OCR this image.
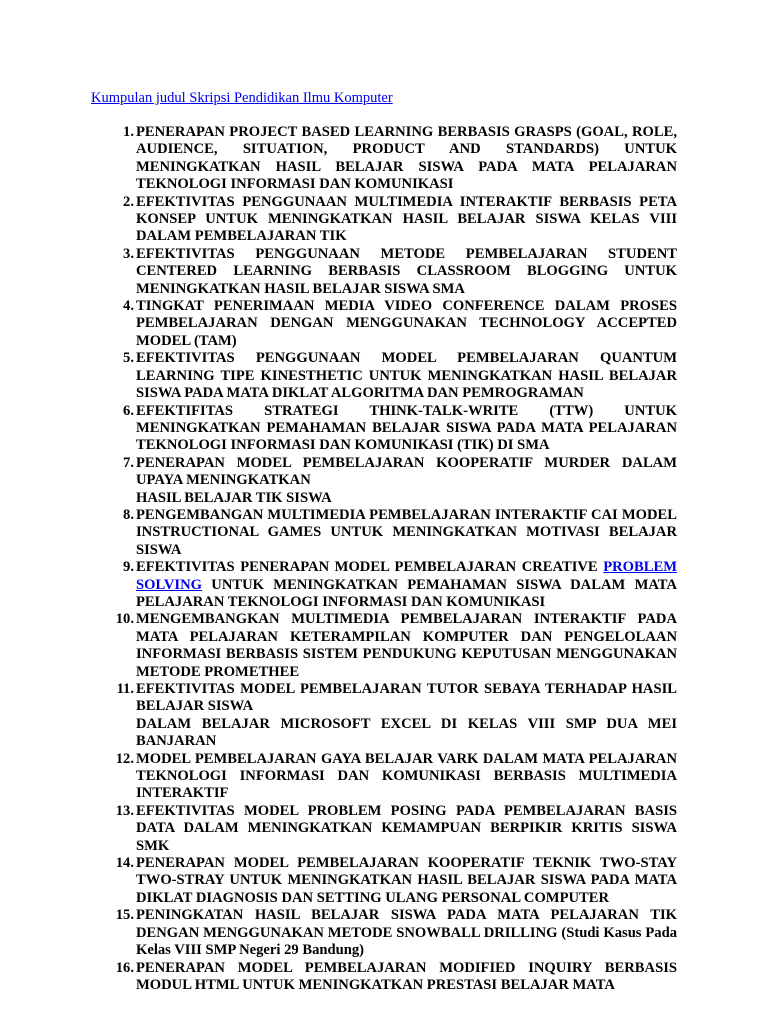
Kumpulan judul Skripsi Pendidikan Ilmu Komputer
1. PENERAPAN PROJECT BASED LEARNING BERBASIS GRASPS (GOAL, ROLE, AUDIENCE, SITUATION, PRODUCT AND STANDARDS) UNTUK MENINGKATKAN HASIL BELAJAR SISWA PADA MATA PELAJARAN TEKNOLOGI INFORMASI DAN KOMUNIKASI
2. EFEKTIVITAS PENGGUNAAN MULTIMEDIA INTERAKTIF BERBASIS PETA KONSEP UNTUK MENINGKATKAN HASIL BELAJAR SISWA KELAS VIII DALAM PEMBELAJARAN TIK
3. EFEKTIVITAS PENGGUNAAN METODE PEMBELAJARAN STUDENT CENTERED LEARNING BERBASIS CLASSROOM BLOGGING UNTUK MENINGKATKAN HASIL BELAJAR SISWA SMA
4. TINGKAT PENERIMAAN MEDIA VIDEO CONFERENCE DALAM PROSES PEMBELAJARAN DENGAN MENGGUNAKAN TECHNOLOGY ACCEPTED MODEL (TAM)
5. EFEKTIVITAS PENGGUNAAN MODEL PEMBELAJARAN QUANTUM LEARNING TIPE KINESTHETIC UNTUK MENINGKATKAN HASIL BELAJAR SISWA PADA MATA DIKLAT ALGORITMA DAN PEMROGRAMAN
6. EFEKTIFITAS STRATEGI THINK-TALK-WRITE (TTW) UNTUK MENINGKATKAN PEMAHAMAN BELAJAR SISWA PADA MATA PELAJARAN TEKNOLOGI INFORMASI DAN KOMUNIKASI (TIK) DI SMA
7. PENERAPAN MODEL PEMBELAJARAN KOOPERATIF MURDER DALAM UPAYA MENINGKATKAN
HASIL BELAJAR TIK SISWA
8. PENGEMBANGAN MULTIMEDIA PEMBELAJARAN INTERAKTIF CAI MODEL INSTRUCTIONAL GAMES UNTUK MENINGKATKAN MOTIVASI BELAJAR SISWA
9. EFEKTIVITAS PENERAPAN MODEL PEMBELAJARAN CREATIVE PROBLEM SOLVING UNTUK MENINGKATKAN PEMAHAMAN SISWA DALAM MATA PELAJARAN TEKNOLOGI INFORMASI DAN KOMUNIKASI
10. MENGEMBANGKAN MULTIMEDIA PEMBELAJARAN INTERAKTIF PADA MATA PELAJARAN KETERAMPILAN KOMPUTER DAN PENGELOLAAN INFORMASI BERBASIS SISTEM PENDUKUNG KEPUTUSAN MENGGUNAKAN METODE PROMETHEE
11. EFEKTIVITAS MODEL PEMBELAJARAN TUTOR SEBAYA TERHADAP HASIL BELAJAR SISWA
DALAM BELAJAR MICROSOFT EXCEL DI KELAS VIII SMP DUA MEI BANJARAN
12. MODEL PEMBELAJARAN GAYA BELAJAR VARK DALAM MATA PELAJARAN TEKNOLOGI INFORMASI DAN KOMUNIKASI BERBASIS MULTIMEDIA INTERAKTIF
13. EFEKTIVITAS MODEL PROBLEM POSING PADA PEMBELAJARAN BASIS DATA DALAM MENINGKATKAN KEMAMPUAN BERPIKIR KRITIS SISWA SMK
14. PENERAPAN MODEL PEMBELAJARAN KOOPERATIF TEKNIK TWO-STAY TWO-STRAY UNTUK MENINGKATKAN HASIL BELAJAR SISWA PADA MATA DIKLAT DIAGNOSIS DAN SETTING ULANG PERSONAL COMPUTER
15. PENINGKATAN HASIL BELAJAR SISWA PADA MATA PELAJARAN TIK DENGAN MENGGUNAKAN METODE SNOWBALL DRILLING (Studi Kasus Pada Kelas VIII SMP Negeri 29 Bandung)
16. PENERAPAN MODEL PEMBELAJARAN MODIFIED INQUIRY BERBASIS MODUL HTML UNTUK MENINGKATKAN PRESTASI BELAJAR MATA
